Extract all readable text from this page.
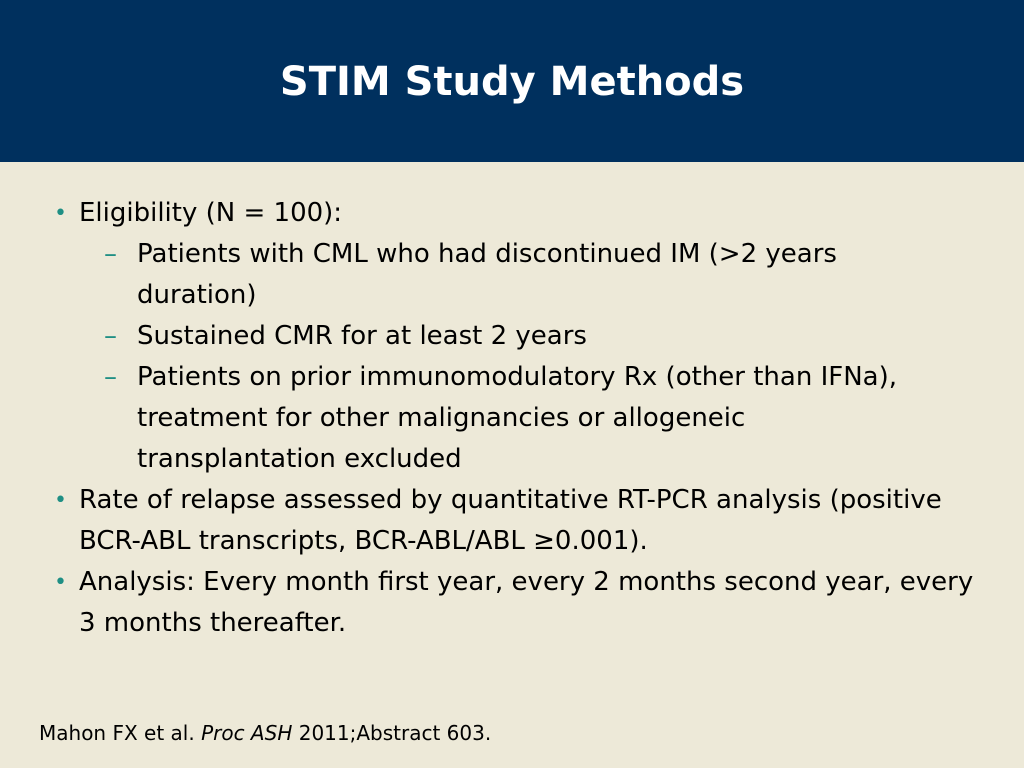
STIM Study Methods
• Eligibility (N = 100):
– Patients with CML who had discontinued IM (>2 years duration)
– Sustained CMR for at least 2 years
– Patients on prior immunomodulatory Rx (other than IFNa), treatment for other malignancies or allogeneic transplantation excluded
• Rate of relapse assessed by quantitative RT-PCR analysis (positive BCR-ABL transcripts, BCR-ABL/ABL ≥0.001).
• Analysis: Every month first year, every 2 months second year, every 3 months thereafter.
Mahon FX et al. Proc ASH 2011;Abstract 603.
